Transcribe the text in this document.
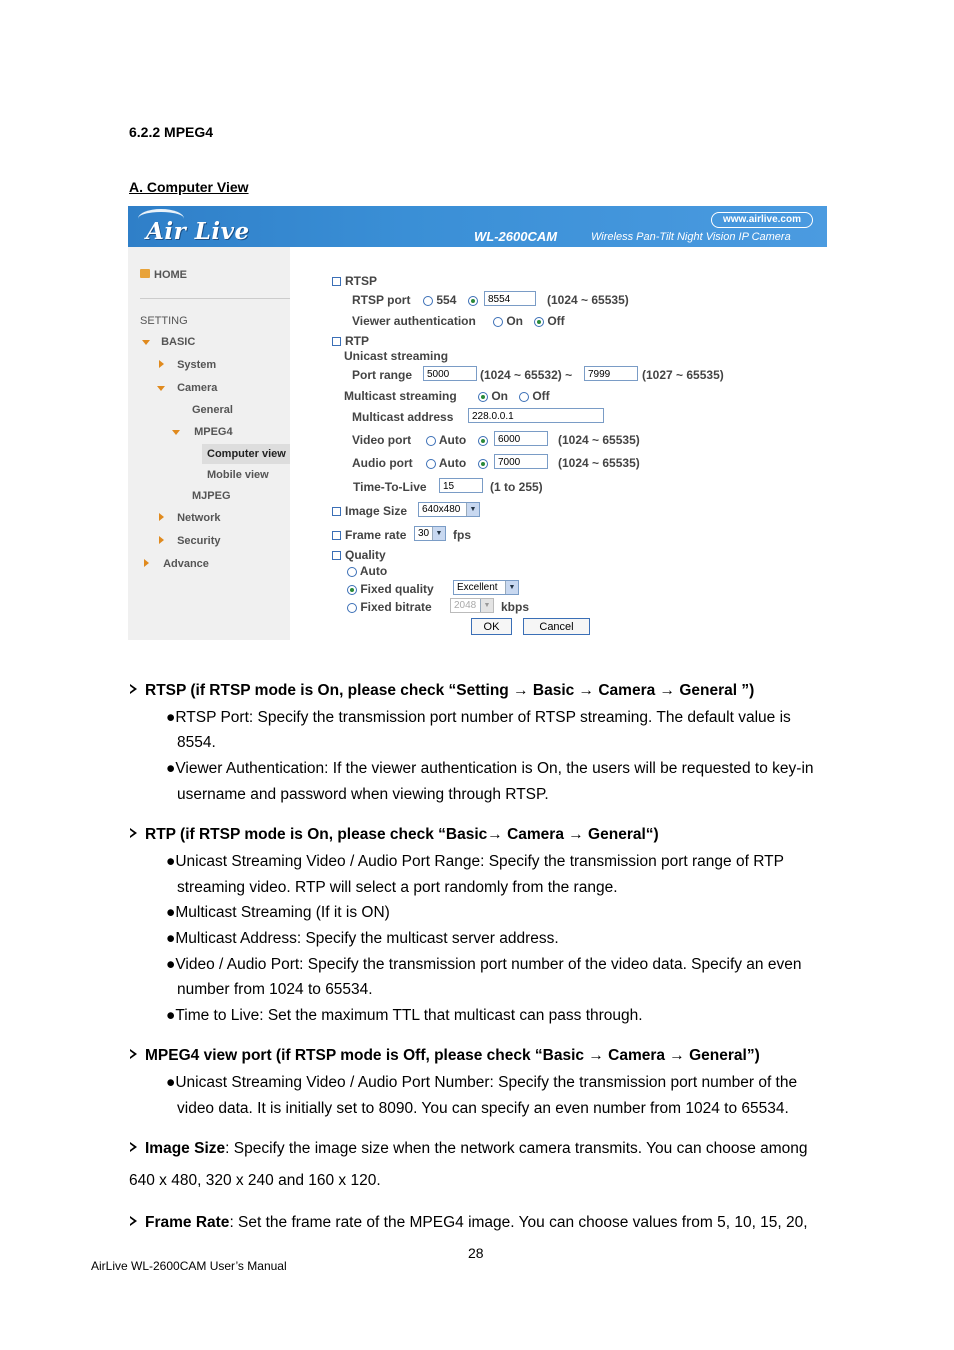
6.2.2 MPEG4
A. Computer View
Air Live	www.airlive.com
WL-2600CAM	Wireless Pan-Tilt Night Vision IP Camera
HOME
SETTING
BASIC
System
Camera
General
MPEG4
Computer view
Mobile view
MJPEG
Network
Security
Advance
RTSP
RTSP port	554	8554	(1024 ~ 65535)
Viewer authentication	On	Off
RTP
Unicast streaming
Port range	5000	(1024 ~ 65532) ~	7999	(1027 ~ 65535)
Multicast streaming	On	Off
Multicast address	228.0.0.1
Video port	Auto	6000	(1024 ~ 65535)
Audio port	Auto	7000	(1024 ~ 65535)
Time-To-Live	15	(1 to 255)
Image Size	640x480	▼
Frame rate	30 ▼ fps
Quality
Auto
Fixed quality	Excellent	▼
Fixed bitrate	2048	▼ kbps
OK	Cancel
RTSP (if RTSP mode is On, please check “Setting → Basic → Camera → General ”)
●RTSP Port: Specify the transmission port number of RTSP streaming. The default value is
8554.
●Viewer Authentication: If the viewer authentication is On, the users will be requested to key-in
username and password when viewing through RTSP.
RTP (if RTSP mode is On, please check “Basic→ Camera → General“)
●Unicast Streaming Video / Audio Port Range: Specify the transmission port range of RTP
streaming video. RTP will select a port randomly from the range.
●Multicast Streaming (If it is ON)
●Multicast Address: Specify the multicast server address.
●Video / Audio Port: Specify the transmission port number of the video data. Specify an even
number from 1024 to 65534.
●Time to Live: Set the maximum TTL that multicast can pass through.
MPEG4 view port (if RTSP mode is Off, please check “Basic → Camera → General”)
●Unicast Streaming Video / Audio Port Number: Specify the transmission port number of the
video data. It is initially set to 8090. You can specify an even number from 1024 to 65534.
Image Size: Specify the image size when the network camera transmits. You can choose among
640 x 480, 320 x 240 and 160 x 120.
Frame Rate: Set the frame rate of the MPEG4 image. You can choose values from 5, 10, 15, 20,
28
AirLive WL-2600CAM User’s Manual
